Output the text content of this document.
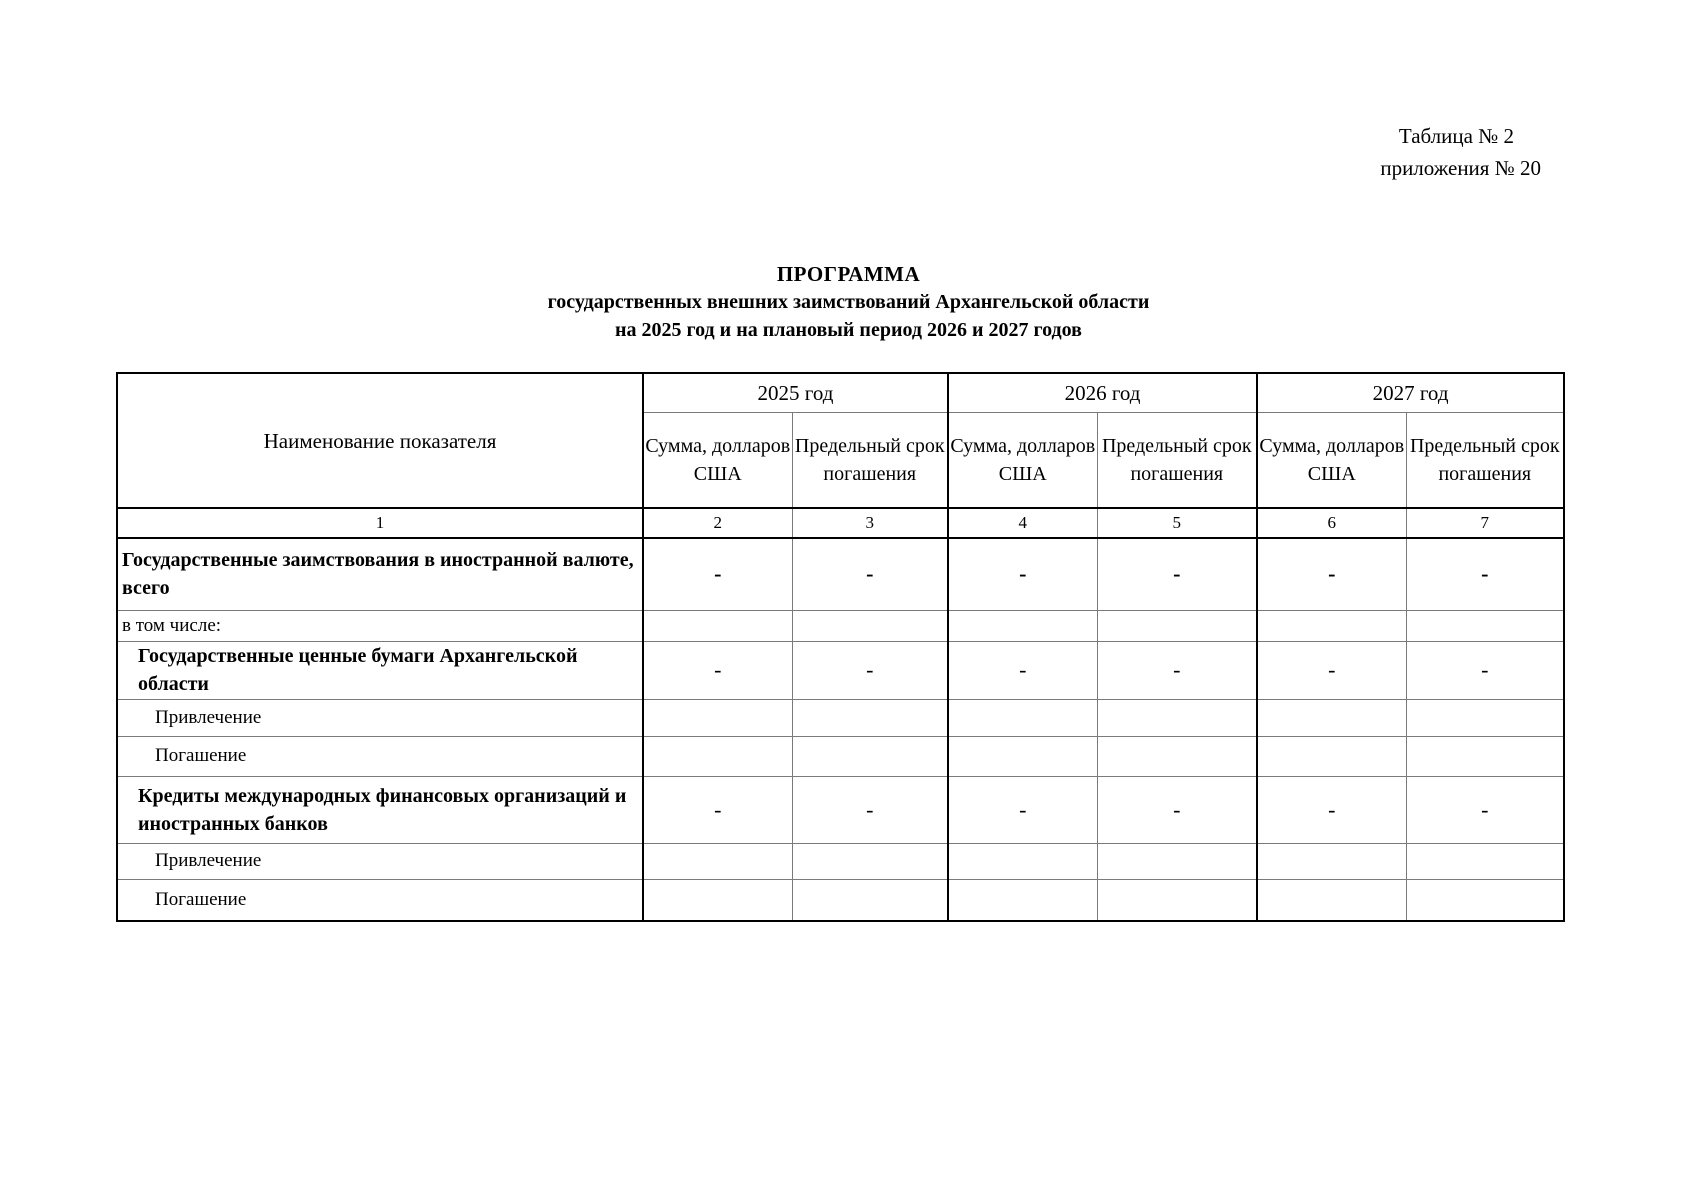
Таблица № 2
приложения № 20
ПРОГРАММА
государственных внешних заимствований Архангельской области
на 2025 год и на плановый период 2026 и 2027 годов
Наименование показателя	2025 год		2026 год		2027 год	
	Сумма, долларов США	Предельный срок погашения	Сумма, долларов США	Предельный срок погашения	Сумма, долларов США	Предельный срок погашения
1	2	3	4	5	6	7
Государственные заимствования в иностранной валюте, всего	-	-	-	-	-	-
в том числе:						
Государственные ценные бумаги Архангельской области	-	-	-	-	-	-
Привлечение						
Погашение						
Кредиты международных финансовых организаций и иностранных банков	-	-	-	-	-	-
Привлечение						
Погашение						
